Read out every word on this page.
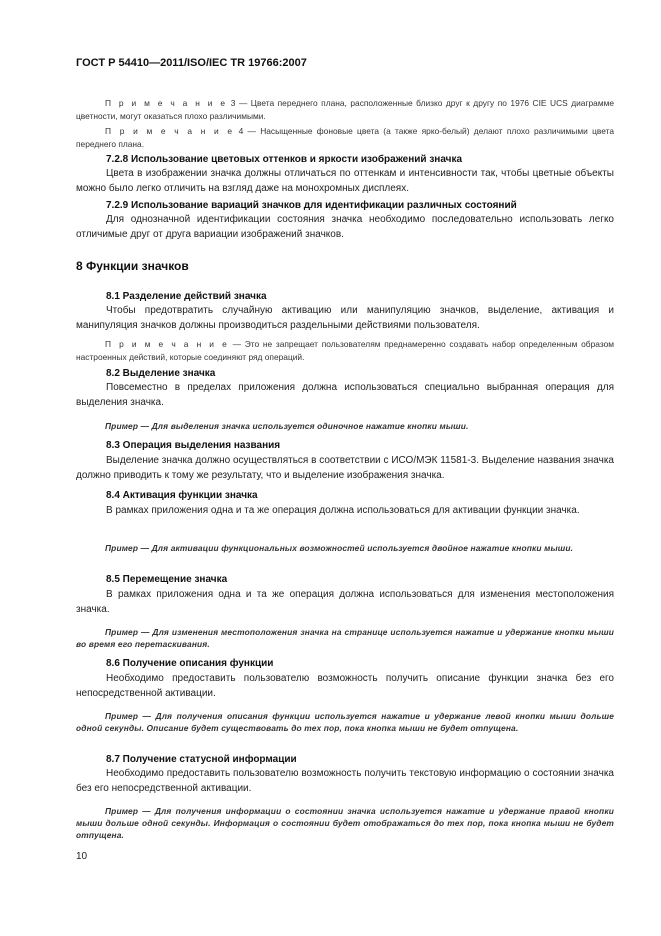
ГОСТ Р 54410—2011/ISO/IEC TR 19766:2007
П р и м е ч а н и е 3 — Цвета переднего плана, расположенные близко друг к другу по 1976 CIE UCS диаграмме цветности, могут оказаться плохо различимыми.
П р и м е ч а н и е 4 — Насыщенные фоновые цвета (а также ярко-белый) делают плохо различимыми цвета переднего плана.
7.2.8 Использование цветовых оттенков и яркости изображений значка
Цвета в изображении значка должны отличаться по оттенкам и интенсивности так, чтобы цветные объекты можно было легко отличить на взгляд даже на монохромных дисплеях.
7.2.9 Использование вариаций значков для идентификации различных состояний
Для однозначной идентификации состояния значка необходимо последовательно использовать легко отличимые друг от друга вариации изображений значков.
8 Функции значков
8.1 Разделение действий значка
Чтобы предотвратить случайную активацию или манипуляцию значков, выделение, активация и манипуляция значков должны производиться раздельными действиями пользователя.
П р и м е ч а н и е — Это не запрещает пользователям преднамеренно создавать набор определенным образом настроенных действий, которые соединяют ряд операций.
8.2 Выделение значка
Повсеместно в пределах приложения должна использоваться специально выбранная операция для выделения значка.
Пример — Для выделения значка используется одиночное нажатие кнопки мыши.
8.3 Операция выделения названия
Выделение значка должно осуществляться в соответствии с ИСО/МЭК 11581-3. Выделение названия значка должно приводить к тому же результату, что и выделение изображения значка.
8.4 Активация функции значка
В рамках приложения одна и та же операция должна использоваться для активации функции значка.
Пример — Для активации функциональных возможностей используется двойное нажатие кнопки мыши.
8.5 Перемещение значка
В рамках приложения одна и та же операция должна использоваться для изменения местоположения значка.
Пример — Для изменения местоположения значка на странице используется нажатие и удержание кнопки мыши во время его перетаскивания.
8.6 Получение описания функции
Необходимо предоставить пользователю возможность получить описание функции значка без его непосредственной активации.
Пример — Для получения описания функции используется нажатие и удержание левой кнопки мыши дольше одной секунды. Описание будет существовать до тех пор, пока кнопка мыши не будет отпущена.
8.7 Получение статусной информации
Необходимо предоставить пользователю возможность получить текстовую информацию о состоянии значка без его непосредственной активации.
Пример — Для получения информации о состоянии значка используется нажатие и удержание правой кнопки мыши дольше одной секунды. Информация о состоянии будет отображаться до тех пор, пока кнопка мыши не будет отпущена.
10
